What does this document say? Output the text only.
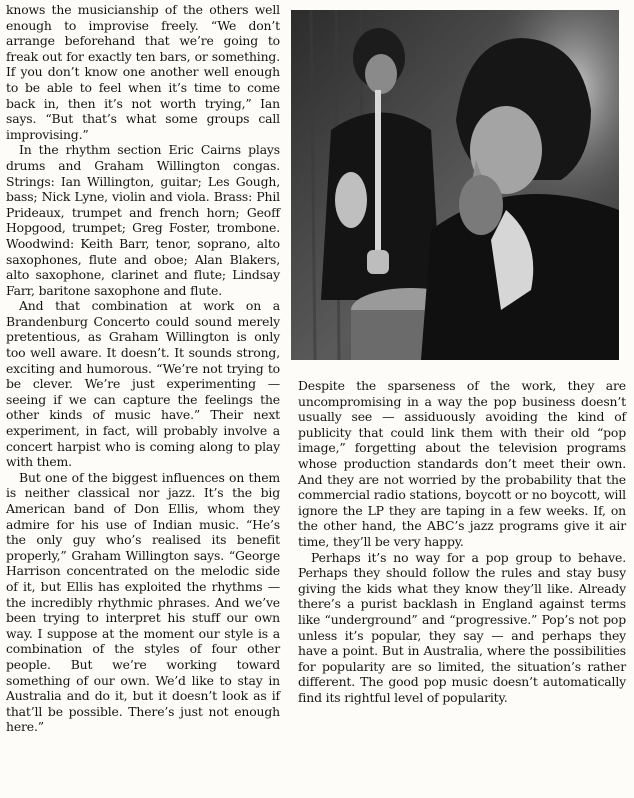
knows the musicianship of the others well enough to improvise freely. “We don’t arrange beforehand that we’re going to freak out for exactly ten bars, or something. If you don’t know one another well enough to be able to feel when it’s time to come back in, then it’s not worth trying,” Ian says. “But that’s what some groups call improvising.”

In the rhythm section Eric Cairns plays drums and Graham Willington congas. Strings: Ian Willington, guitar; Les Gough, bass; Nick Lyne, violin and viola. Brass: Phil Prideaux, trumpet and french horn; Geoff Hopgood, trumpet; Greg Foster, trombone. Woodwind: Keith Barr, tenor, soprano, alto saxophones, flute and oboe; Alan Blakers, alto saxophone, clarinet and flute; Lindsay Farr, baritone saxophone and flute.

And that combination at work on a Brandenburg Concerto could sound merely pretentious, as Graham Willington is only too well aware. It doesn’t. It sounds strong, exciting and humorous. “We’re not trying to be clever. We’re just experimenting — seeing if we can capture the feelings the other kinds of music have.” Their next experiment, in fact, will probably involve a concert harpist who is coming along to play with them.

But one of the biggest influences on them is neither classical nor jazz. It’s the big American band of Don Ellis, whom they admire for his use of Indian music. “He’s the only guy who’s realised its benefit properly,” Graham Willington says. “George Harrison concentrated on the melodic side of it, but Ellis has exploited the rhythms —the incredibly rhythmic phrases. And we’ve been trying to interpret his stuff our own way. I suppose at the moment our style is a combination of the styles of four other people. But we’re working toward something of our own. We’d like to stay in Australia and do it, but it doesn’t look as if that’ll be possible. There’s just not enough here.”

Despite the sparseness of the work, they are uncompromising in a way the pop business doesn’t usually see — assiduously avoiding the kind of publicity that could link them with their old “pop image,” forgetting about the television programs whose production standards don’t meet their own. And they are not worried by the probability that the commercial radio stations, boycott or no boycott, will ignore the LP they are taping in a few weeks. If, on the other hand, the ABC’s jazz programs give it air time, they’ll be very happy.

Perhaps it’s no way for a pop group to behave. Perhaps they should follow the rules and stay busy giving the kids what they know they’ll like. Already there’s a purist backlash in England against terms like “underground” and “progressive.” Pop’s not pop unless it’s popular, they say — and perhaps they have a point. But in Australia, where the possibilities for popularity are so limited, the situation’s rather different. The good pop music doesn’t automatically find its rightful level of popularity.
